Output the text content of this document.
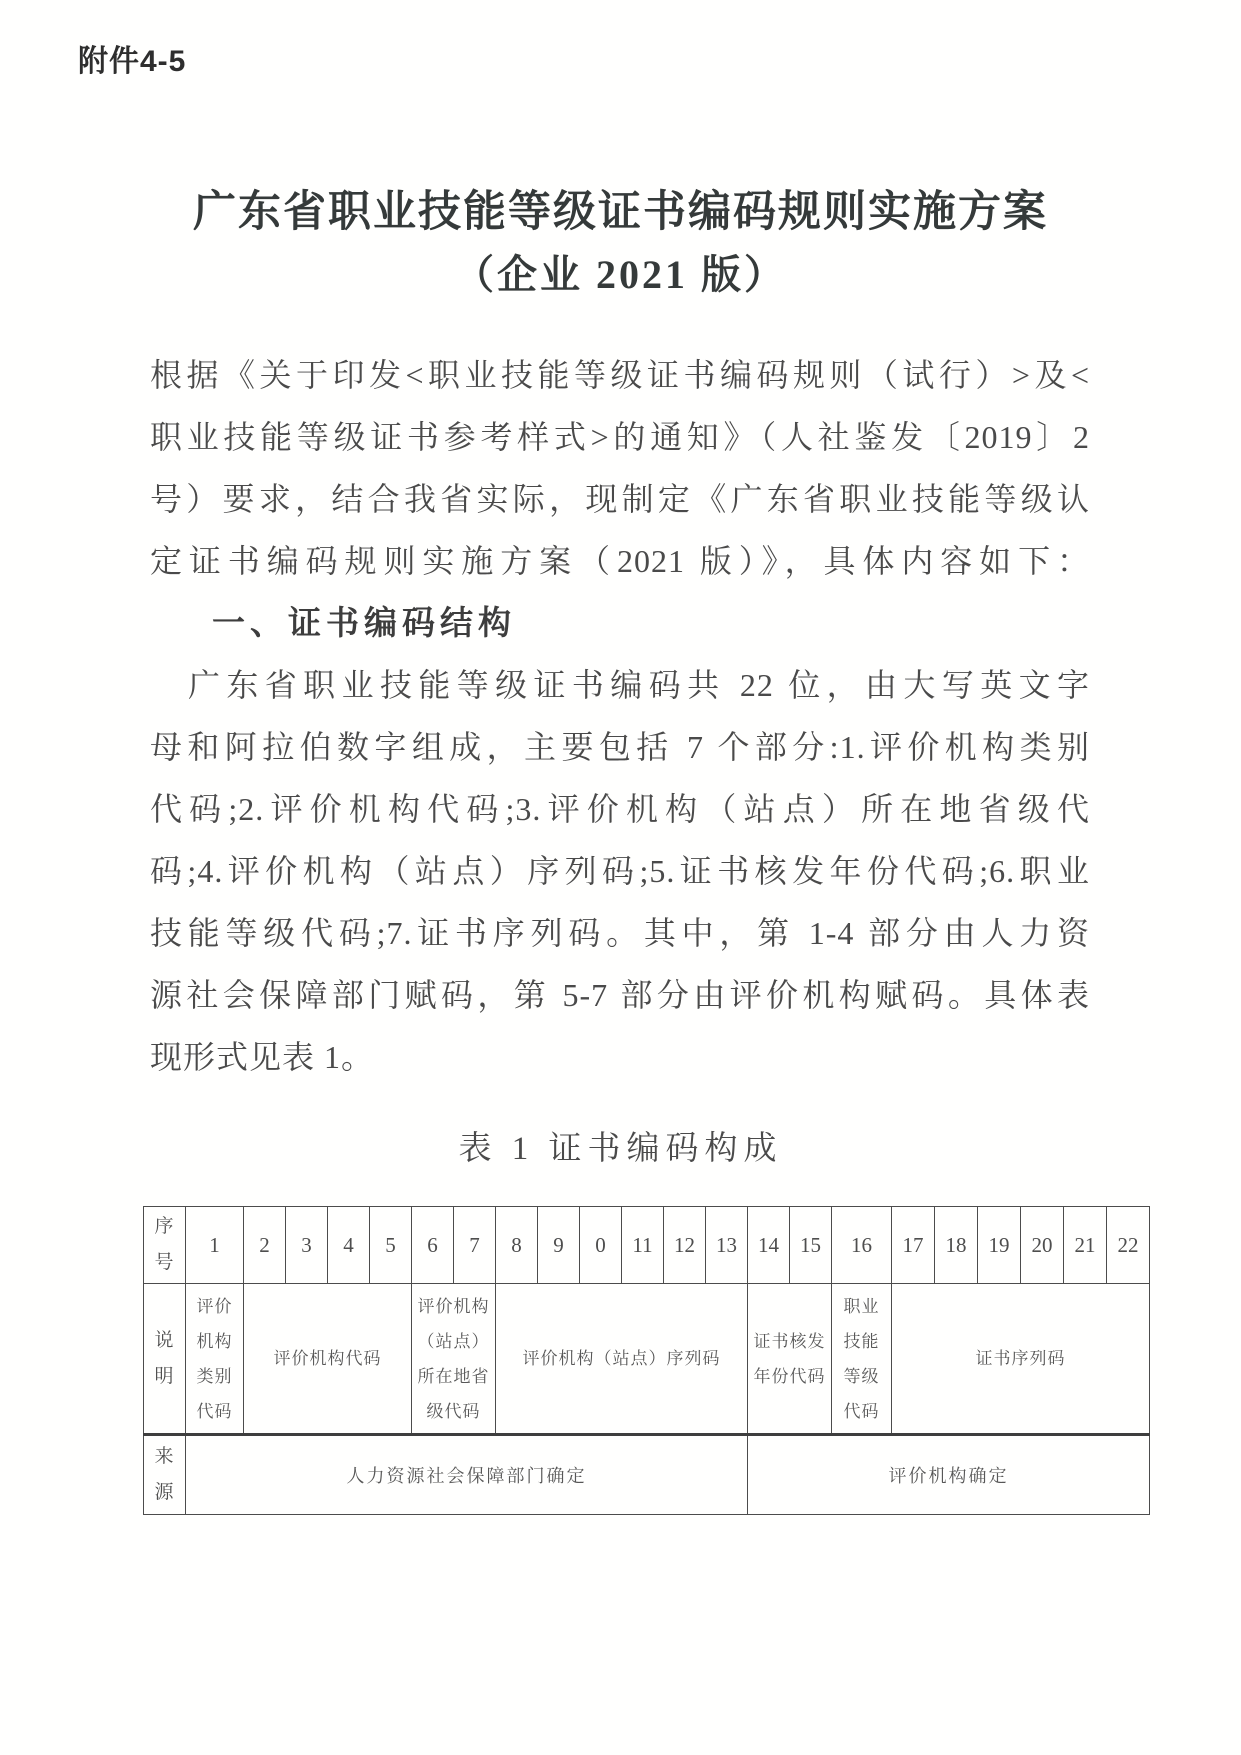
附件4-5
广东省职业技能等级证书编码规则实施方案
（企业 2021 版）
根据《关于印发<职业技能等级证书编码规则（试行）>及<
职业技能等级证书参考样式>的通知》（人社鉴发〔2019〕2
号）要求，结合我省实际，现制定《广东省职业技能等级认
定证书编码规则实施方案（2021 版）》，具体内容如下：
一、证书编码结构
广东省职业技能等级证书编码共 22 位，由大写英文字
母和阿拉伯数字组成，主要包括 7 个部分:1.评价机构类别
代码;2.评价机构代码;3.评价机构（站点）所在地省级代
码;4.评价机构（站点）序列码;5.证书核发年份代码;6.职业
技能等级代码;7.证书序列码。其中，第 1-4 部分由人力资
源社会保障部门赋码，第 5-7 部分由评价机构赋码。具体表
现形式见表 1。
表 1 证书编码构成
序号	1	2	3	4	5	6	7	8	9	0	11	12	13	14	15	16	17	18	19	20	21	22
说明	评价机构类别代码	评价机构代码				评价机构（站点）所在地省级代码		评价机构（站点）序列码						证书核发年份代码		职业技能等级代码	证书序列码					
来源	人力资源社会保障部门确定													评价机构确定								
